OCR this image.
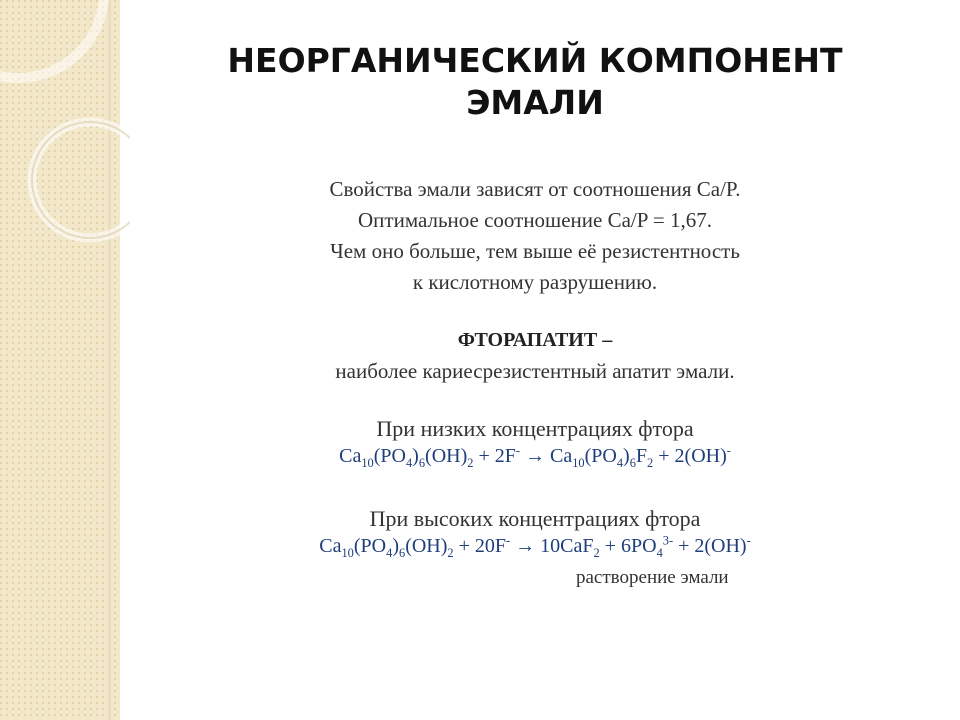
НЕОРГАНИЧЕСКИЙ КОМПОНЕНТ
ЭМАЛИ
Свойства эмали зависят от соотношения Ca/P.
Оптимальное соотношение Ca/P = 1,67.
Чем оно больше, тем выше её резистентность
к кислотному разрушению.
ФТОРАПАТИТ –
наиболее кариесрезистентный апатит эмали.
При низких концентрациях фтора
$Ca_{10}(PO_4)_6(OH)_2 + 2F^- \to Ca_{10}(PO_4)_6F_2 + 2(OH)^-$
При высоких концентрациях фтора
$Ca_{10}(PO_4)_6(OH)_2 + 20F^- \to 10CaF_2 + 6PO_4^{3-} + 2(OH)^-$
растворение эмали
